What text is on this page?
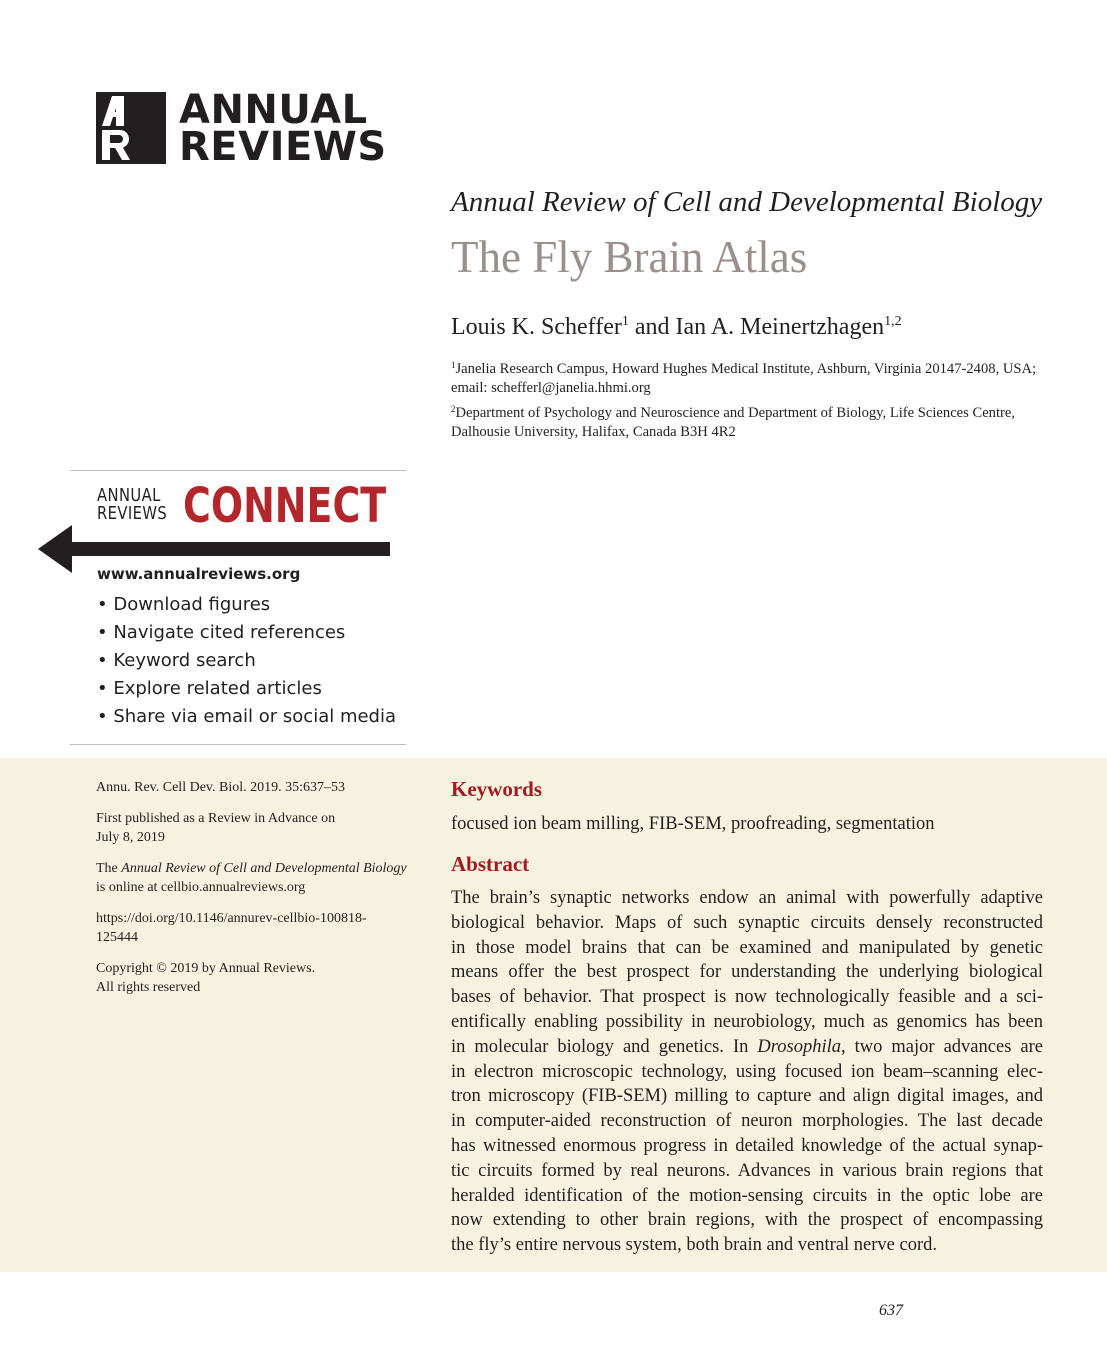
ANNUAL
REVIEWS
Annual Review of Cell and Developmental Biology
The Fly Brain Atlas
Louis K. Scheffer$^1$ and Ian A. Meinertzhagen$^{1,2}$
$^1$Janelia Research Campus, Howard Hughes Medical Institute, Ashburn, Virginia 20147-2408, USA; email: schefferl@janelia.hhmi.org
$^2$Department of Psychology and Neuroscience and Department of Biology, Life Sciences Centre, Dalhousie University, Halifax, Canada B3H 4R2
ANNUAL
REVIEWS CONNECT
www.annualreviews.org
• Download figures
• Navigate cited references
• Keyword search
• Explore related articles
• Share via email or social media
Annu. Rev. Cell Dev. Biol. 2019. 35:637–53
First published as a Review in Advance on
July 8, 2019
The Annual Review of Cell and Developmental Biology
is online at cellbio.annualreviews.org
https://doi.org/10.1146/annurev-cellbio-100818-
125444
Copyright © 2019 by Annual Reviews.
All rights reserved
Keywords
focused ion beam milling, FIB-SEM, proofreading, segmentation
Abstract
The brain’s synaptic networks endow an animal with powerfully adaptive
biological behavior. Maps of such synaptic circuits densely reconstructed
in those model brains that can be examined and manipulated by genetic
means offer the best prospect for understanding the underlying biological
bases of behavior. That prospect is now technologically feasible and a sci-
entifically enabling possibility in neurobiology, much as genomics has been
in molecular biology and genetics. In Drosophila, two major advances are
in electron microscopic technology, using focused ion beam–scanning elec-
tron microscopy (FIB-SEM) milling to capture and align digital images, and
in computer-aided reconstruction of neuron morphologies. The last decade
has witnessed enormous progress in detailed knowledge of the actual synap-
tic circuits formed by real neurons. Advances in various brain regions that
heralded identification of the motion-sensing circuits in the optic lobe are
now extending to other brain regions, with the prospect of encompassing
the fly’s entire nervous system, both brain and ventral nerve cord.
637
